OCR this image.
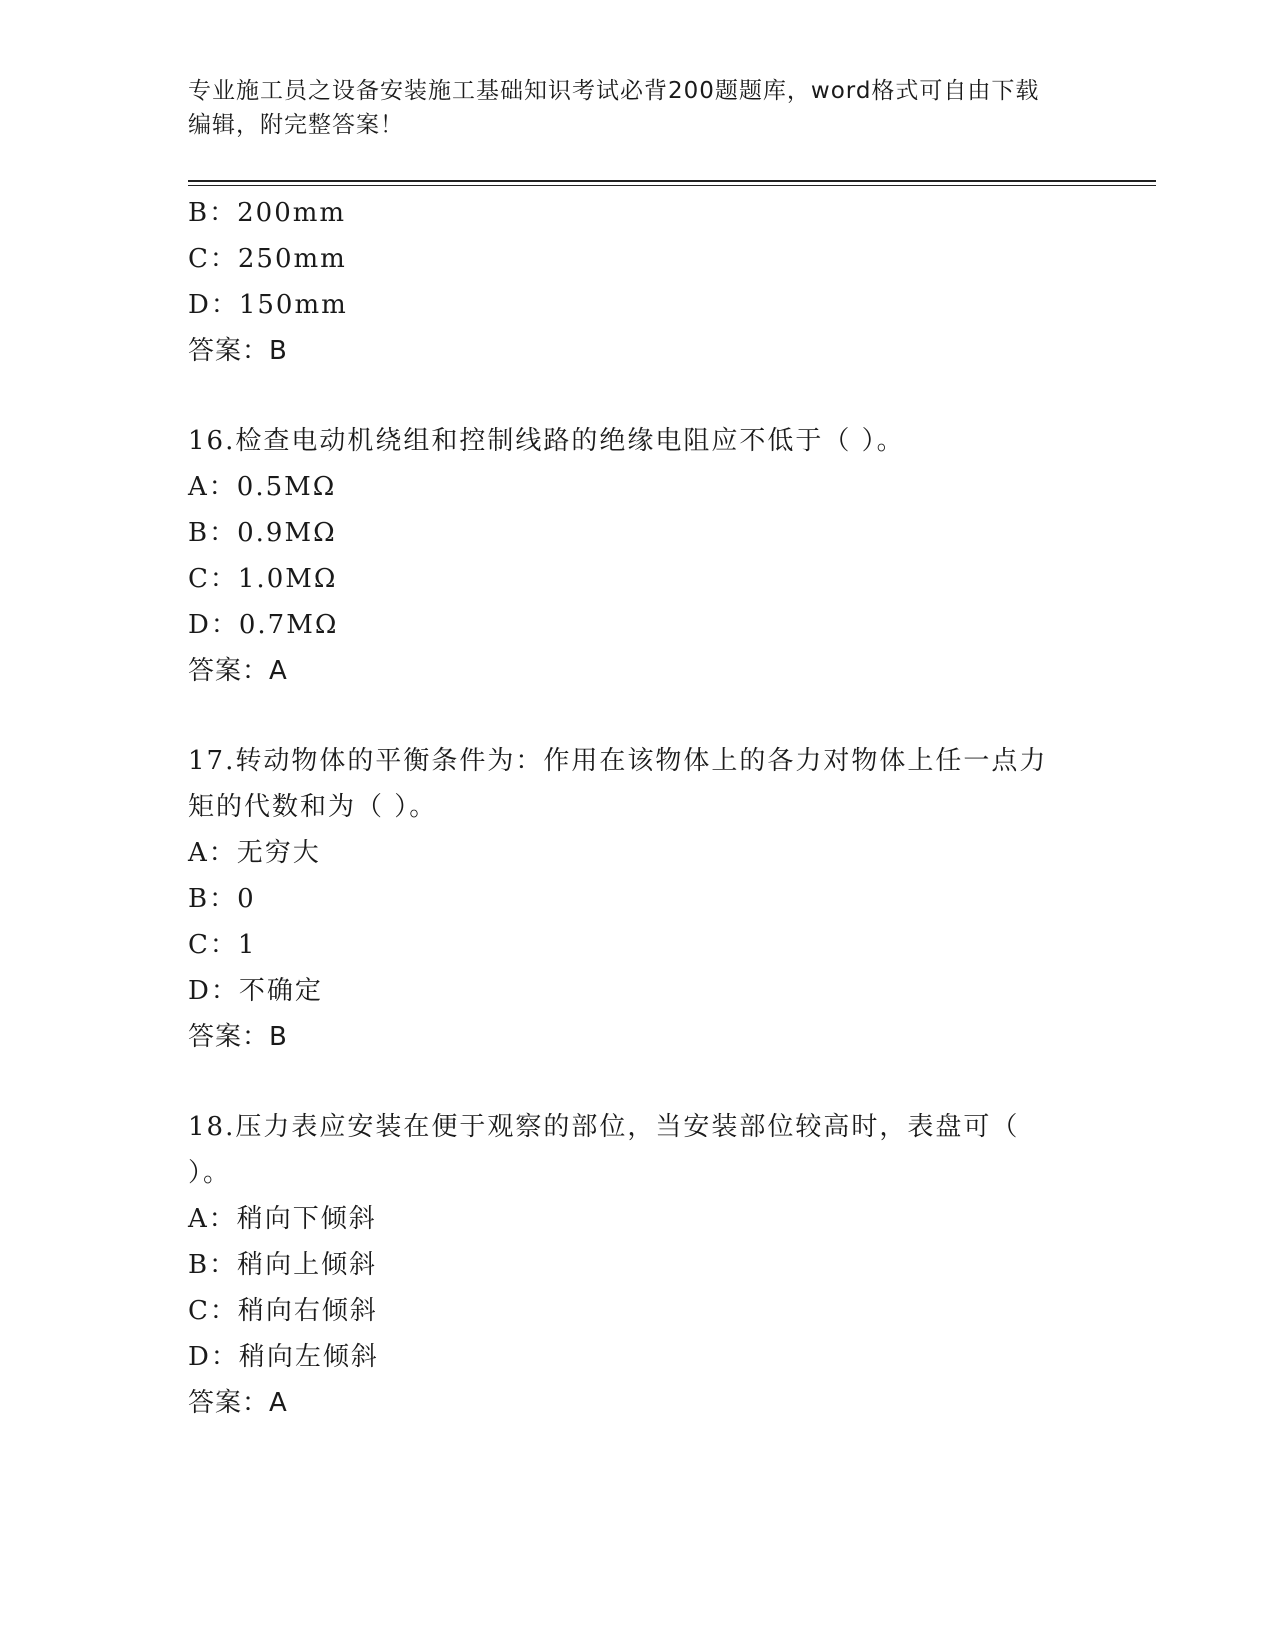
专业施工员之设备安装施工基础知识考试必背200题题库，word格式可自由下载
编辑，附完整答案！
B：200mm
C：250mm
D：150mm
答案：B
16.检查电动机绕组和控制线路的绝缘电阻应不低于（ ）。
A：0.5MΩ
B：0.9MΩ
C：1.0MΩ
D：0.7MΩ
答案：A
17.转动物体的平衡条件为：作用在该物体上的各力对物体上任一点力
矩的代数和为（ ）。
A：无穷大
B：0
C：1
D：不确定
答案：B
18.压力表应安装在便于观察的部位，当安装部位较高时，表盘可（
）。
A：稍向下倾斜
B：稍向上倾斜
C：稍向右倾斜
D：稍向左倾斜
答案：A
